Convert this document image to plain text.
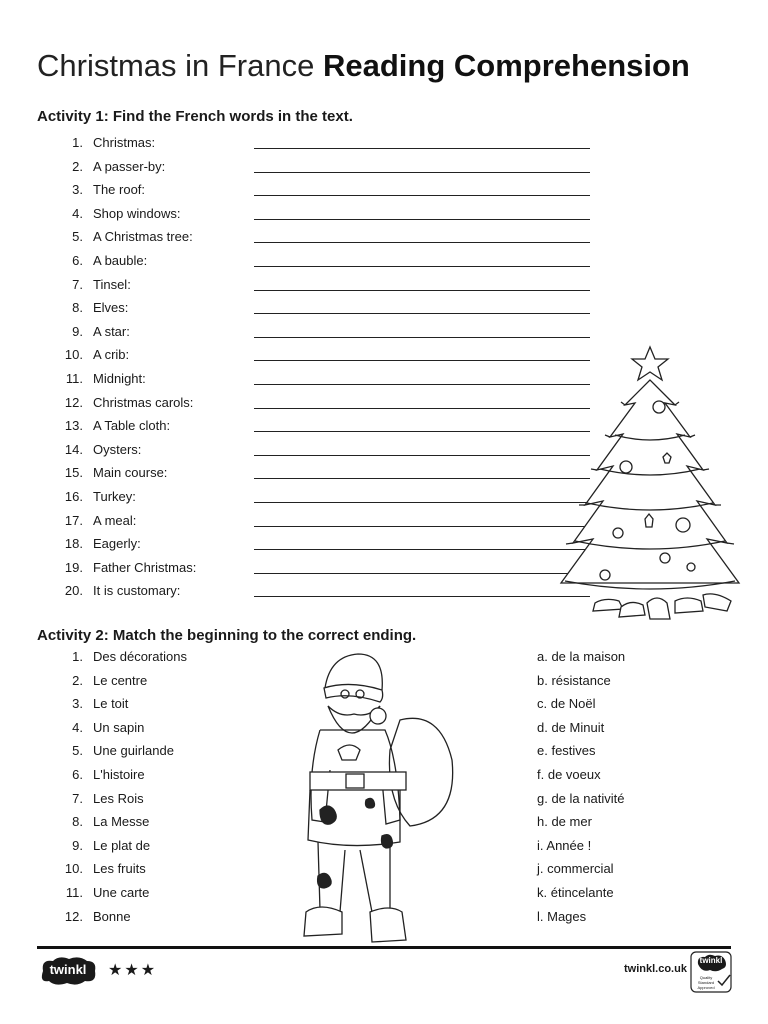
Christmas in France Reading Comprehension
Activity 1: Find the French words in the text.
1. Christmas:
2. A passer-by:
3. The roof:
4. Shop windows:
5. A Christmas tree:
6. A bauble:
7. Tinsel:
8. Elves:
9. A star:
10. A crib:
11. Midnight:
12. Christmas carols:
13. A Table cloth:
14. Oysters:
15. Main course:
16. Turkey:
17. A meal:
18. Eagerly:
19. Father Christmas:
20. It is customary:
Activity 2: Match the beginning to the correct ending.
1. Des décorations
2. Le centre
3. Le toit
4. Un sapin
5. Une guirlande
6. L'histoire
7. Les Rois
8. La Messe
9. Le plat de
10. Les fruits
11. Une carte
12. Bonne
a. de la maison
b. résistance
c. de Noël
d. de Minuit
e. festives
f. de voeux
g. de la nativité
h. de mer
i. Année !
j. commercial
k. étincelante
l. Mages
twinkl	★★★	twinkl.co.uk
twinkl
Quality Standard Approved
